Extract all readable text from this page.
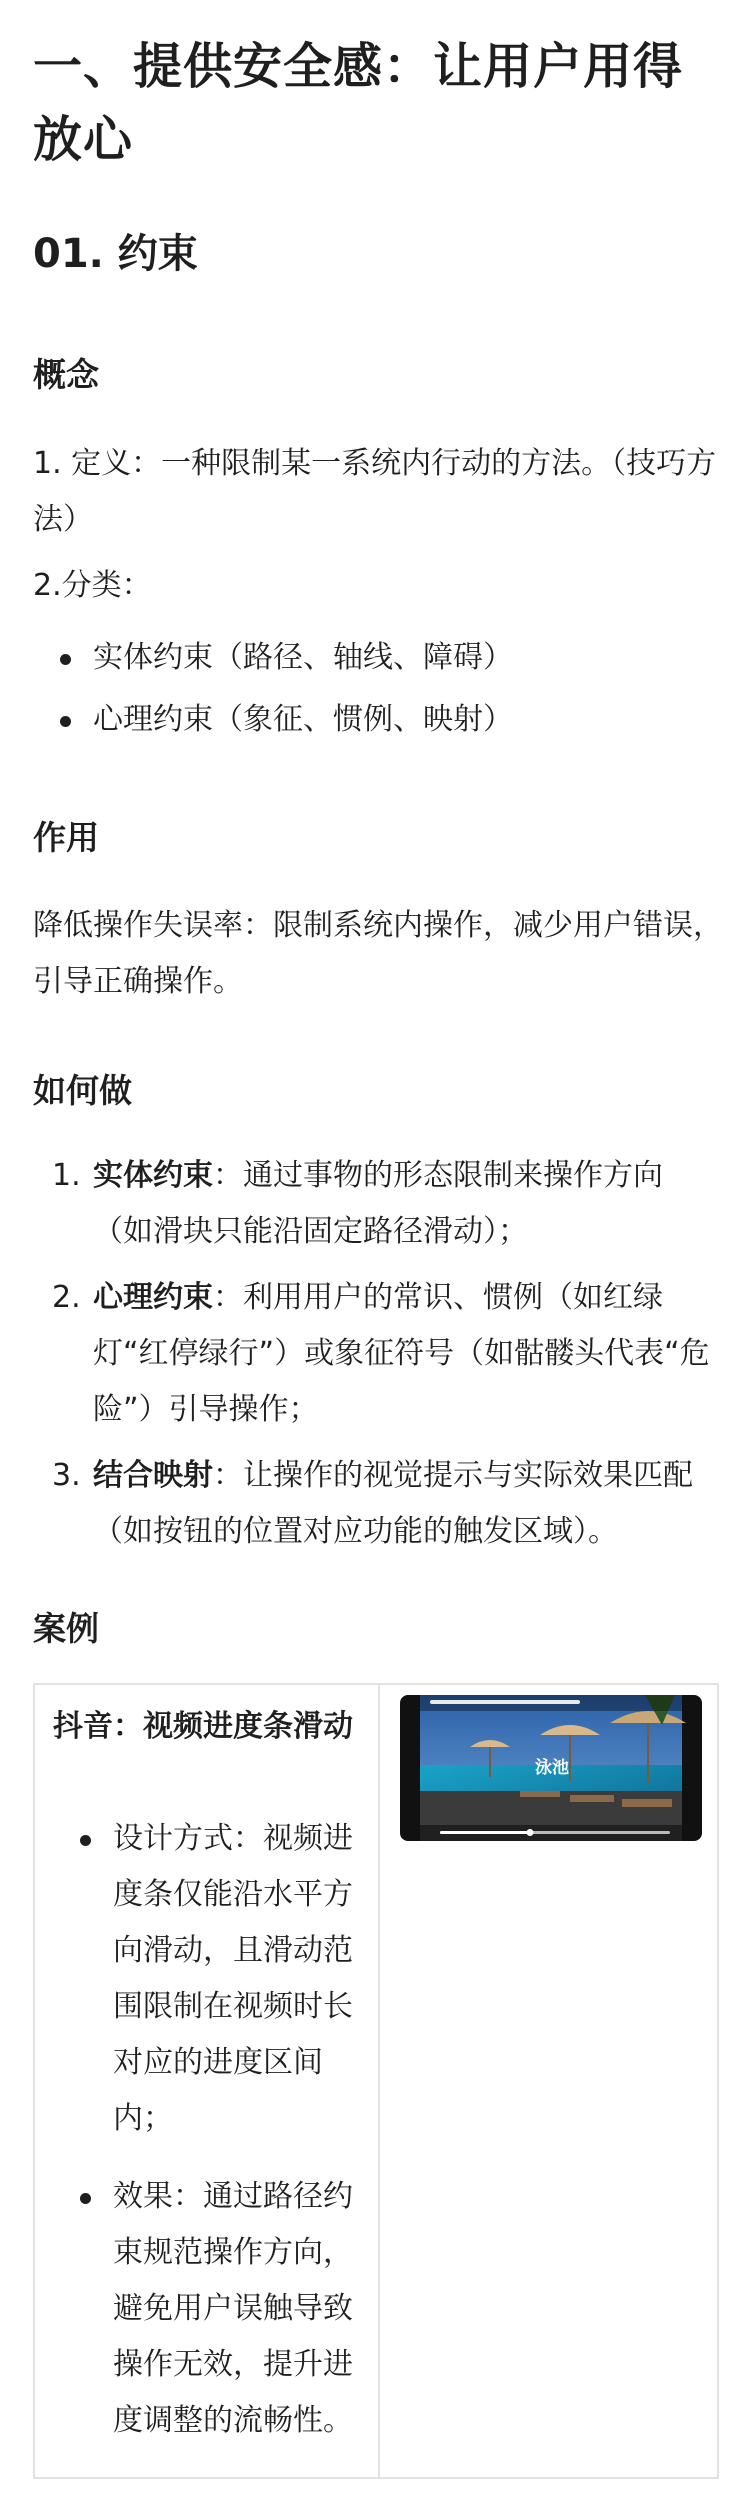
一、提供安全感：让用户用得放心
01. 约束
概念
1. 定义：一种限制某一系统内行动的方法。（技巧方法）
2.分类：
实体约束（路径、轴线、障碍）
心理约束（象征、惯例、映射）
作用
降低操作失误率：限制系统内操作，减少用户错误，引导正确操作。
如何做
1. 实体约束：通过事物的形态限制来操作方向（如滑块只能沿固定路径滑动）；
2. 心理约束：利用用户的常识、惯例（如红绿灯“红停绿行”）或象征符号（如骷髅头代表“危险”）引导操作；
3. 结合映射：让操作的视觉提示与实际效果匹配（如按钮的位置对应功能的触发区域）。
案例
抖音：视频进度条滑动
设计方式：视频进度条仅能沿水平方向滑动，且滑动范围限制在视频时长对应的进度区间内；
效果：通过路径约束规范操作方向，避免用户误触导致操作无效，提升进度调整的流畅性。
泳池
